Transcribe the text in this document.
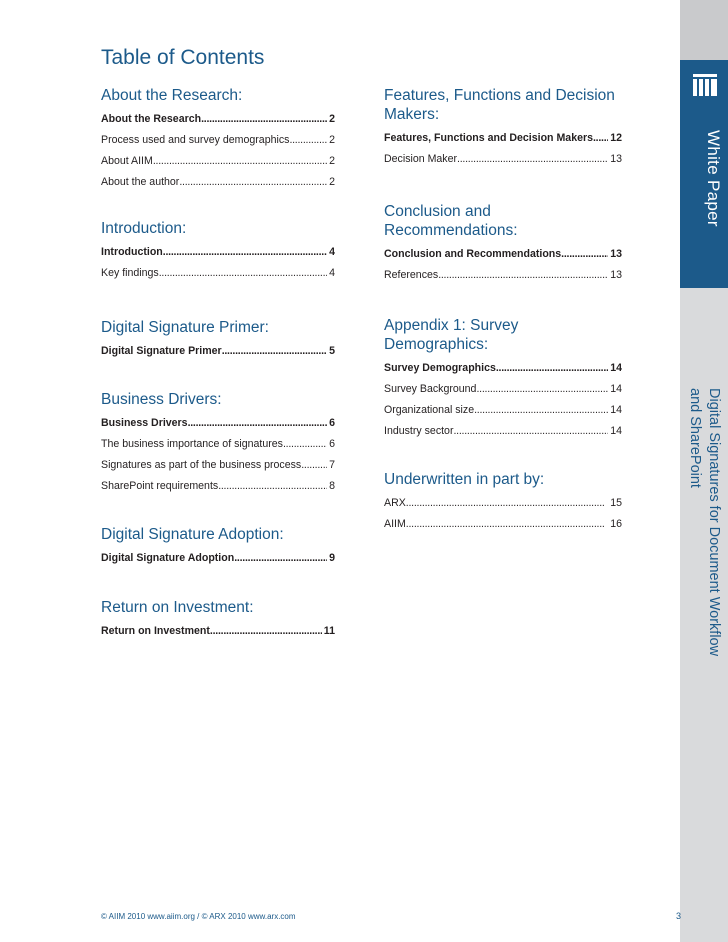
Table of Contents
About the Research:
About the Research . . .	2
Process used and survey demographics . . .	2
About AIIM . . .	2
About the author . . .	2
Introduction:
Introduction . . .	4
Key findings . . .	4
Digital Signature Primer:
Digital Signature Primer . . .	5
Business Drivers:
Business Drivers . . .	6
The business importance of signatures . . .	6
Signatures as part of the business process . . .	7
SharePoint requirements . . .	8
Digital Signature Adoption:
Digital Signature Adoption . . .	9
Return on Investment:
Return on Investment . . .	11
Features, Functions and Decision Makers:
Features, Functions and Decision Makers . . . 12
Decision Maker . . .	13
Conclusion and Recommendations:
Conclusion and Recommendations . . .	13
References . . .	13
Appendix 1: Survey Demographics:
Survey Demographics . . .	14
Survey Background . . .	14
Organizational size . . .	14
Industry sector . . .	14
Underwritten in part by:
ARX . . .	15
AIIM . . .	16
White Paper
Digital Signatures for Document Workflow
and SharePoint
© AIIM 2010 www.aiim.org / © ARX 2010 www.arx.com	3
